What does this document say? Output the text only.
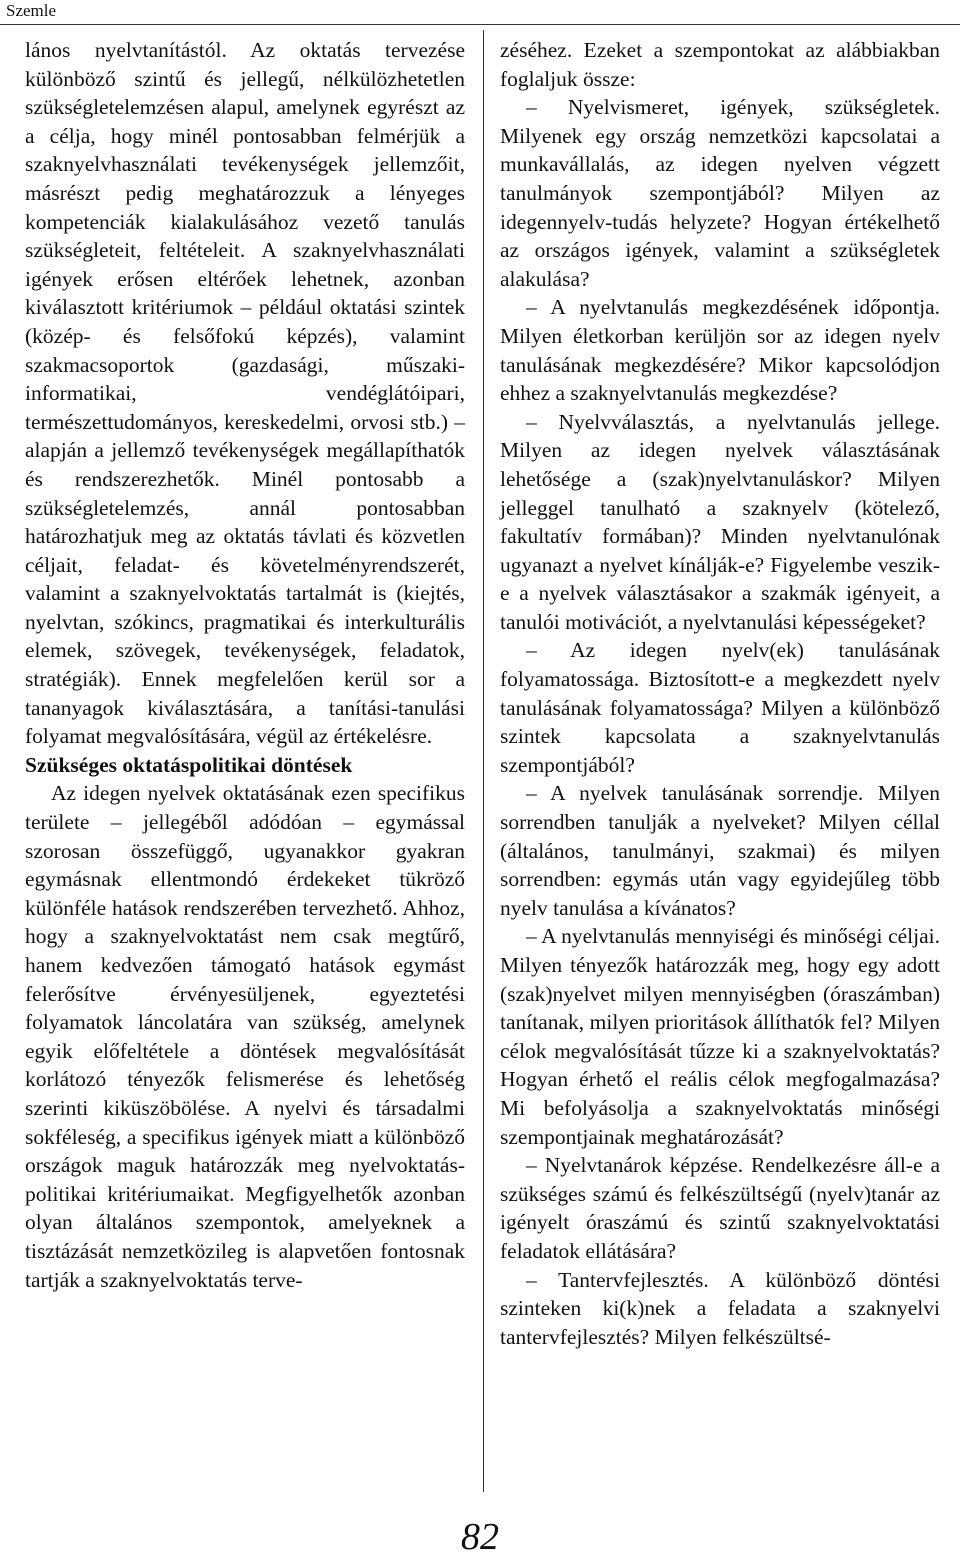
Szemle

lános nyelvtanítástól. Az oktatás tervezése különböző szintű és jellegű, nélkülözhetetlen szükségletelemzésen alapul, amelynek egyrészt az a célja, hogy minél pontosabban felmérjük a szaknyelvhasználati tevékenységek jellemzőit, másrészt pedig meghatározzuk a lényeges kompetenciák kialakulásához vezető tanulás szükségleteit, feltételeit. A szaknyelvhasználati igények erősen eltérőek lehetnek, azonban kiválasztott kritériumok – például oktatási szintek (közép- és felsőfokú képzés), valamint szakmacsoportok (gazdasági, műszaki-informatikai, vendéglátóipari, természettudományos, kereskedelmi, orvosi stb.) – alapján a jellemző tevékenységek megállapíthatók és rendszerezhetők. Minél pontosabb a szükségletelemzés, annál pontosabban határozhatjuk meg az oktatás távlati és közvetlen céljait, feladat- és követelményrendszerét, valamint a szaknyelvoktatás tartalmát is (kiejtés, nyelvtan, szókincs, pragmatikai és interkulturális elemek, szövegek, tevékenységek, feladatok, stratégiák). Ennek megfelelően kerül sor a tananyagok kiválasztására, a tanítási-tanulási folyamat megvalósítására, végül az értékelésre.

Szükséges oktatáspolitikai döntések

Az idegen nyelvek oktatásának ezen specifikus területe – jellegéből adódóan – egymással szorosan összefüggő, ugyanakkor gyakran egymásnak ellentmondó érdekeket tükröző különféle hatások rendszerében tervezhető. Ahhoz, hogy a szaknyelvoktatást nem csak megtűrő, hanem kedvezően támogató hatások egymást felerősítve érvényesüljenek, egyeztetési folyamatok láncolatára van szükség, amelynek egyik előfeltétele a döntések megvalósítását korlátozó tényezők felismerése és lehetőség szerinti kiküszöbölése. A nyelvi és társadalmi sokféleség, a specifikus igények miatt a különböző országok maguk határozzák meg nyelvoktatás-politikai kritériumaikat. Megfigyelhetők azonban olyan általános szempontok, amelyeknek a tisztázását nemzetközileg is alapvetően fontosnak tartják a szaknyelvoktatás terve-

zéséhez. Ezeket a szempontokat az alábbiakban foglaljuk össze:

– Nyelvismeret, igények, szükségletek. Milyenek egy ország nemzetközi kapcsolatai a munkavállalás, az idegen nyelven végzett tanulmányok szempontjából? Milyen az idegennyelv-tudás helyzete? Hogyan értékelhető az országos igények, valamint a szükségletek alakulása?

– A nyelvtanulás megkezdésének időpontja. Milyen életkorban kerüljön sor az idegen nyelv tanulásának megkezdésére? Mikor kapcsolódjon ehhez a szaknyelvtanulás megkezdése?

– Nyelvválasztás, a nyelvtanulás jellege. Milyen az idegen nyelvek választásának lehetősége a (szak)nyelvtanuláskor? Milyen jelleggel tanulható a szaknyelv (kötelező, fakultatív formában)? Minden nyelvtanulónak ugyanazt a nyelvet kínálják-e? Figyelembe veszik-e a nyelvek választásakor a szakmák igényeit, a tanulói motivációt, a nyelvtanulási képességeket?

– Az idegen nyelv(ek) tanulásának folyamatossága. Biztosított-e a megkezdett nyelv tanulásának folyamatossága? Milyen a különböző szintek kapcsolata a szaknyelvtanulás szempontjából?

– A nyelvek tanulásának sorrendje. Milyen sorrendben tanulják a nyelveket? Milyen céllal (általános, tanulmányi, szakmai) és milyen sorrendben: egymás után vagy egyidejűleg több nyelv tanulása a kívánatos?

– A nyelvtanulás mennyiségi és minőségi céljai. Milyen tényezők határozzák meg, hogy egy adott (szak)nyelvet milyen mennyiségben (óraszámban) tanítanak, milyen prioritások állíthatók fel? Milyen célok megvalósítását tűzze ki a szaknyelvoktatás? Hogyan érhető el reális célok megfogalmazása? Mi befolyásolja a szaknyelvoktatás minőségi szempontjainak meghatározását?

– Nyelvtanárok képzése. Rendelkezésre áll-e a szükséges számú és felkészültségű (nyelv)tanár az igényelt óraszámú és szintű szaknyelvoktatási feladatok ellátására?

– Tantervfejlesztés. A különböző döntési szinteken ki(k)nek a feladata a szaknyelvi tantervfejlesztés? Milyen felkészültsé-

82
